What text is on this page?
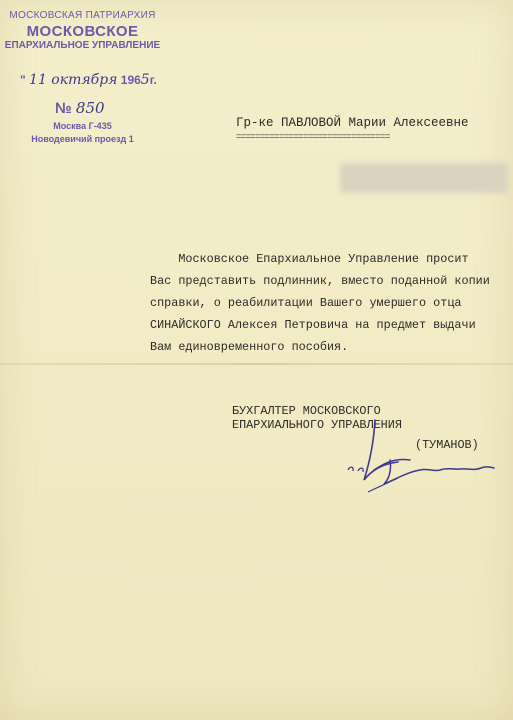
МОСКОВСКАЯ ПАТРИАРХИЯ
МОСКОВСКОЕ
ЕПАРХИАЛЬНОЕ УПРАВЛЕНИЕ
" 11 октября 1965г.
№ 850
Москва Г-435
Новодевичий проезд 1
Гр-ке ПАВЛОВОЙ Марии Алексеевне
================================
Московское Епархиальное Управление просит
Вас представить подлинник, вместо поданной копии
справки, о реабилитации Вашего умершего отца
СИНАЙСКОГО Алексея Петровича на предмет выдачи
Вам единовременного пособия.
БУХГАЛТЕР МОСКОВСКОГО
ЕПАРХИАЛЬНОГО УПРАВЛЕНИЯ
(ТУМАНОВ)
